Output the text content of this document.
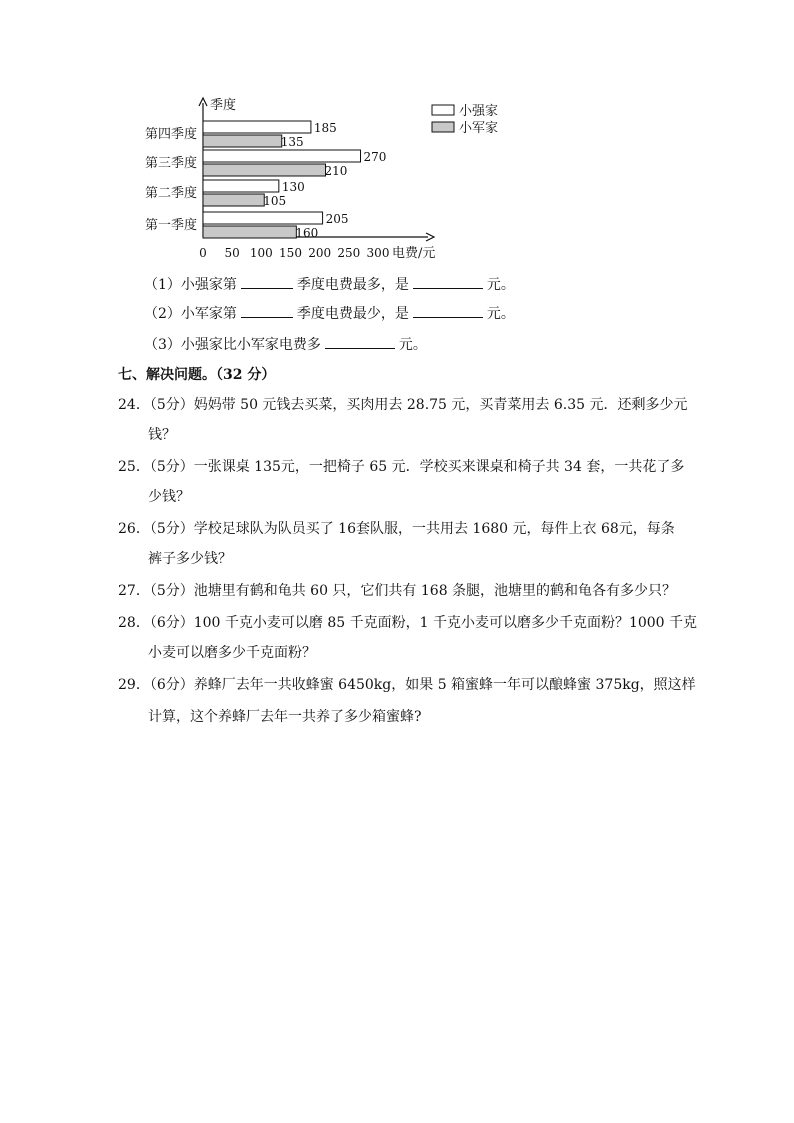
季度
电费/元
0 50 100 150 200 250 300
第一季度	205
160
第二季度	130
105
第三季度	270
210
第四季度	185
135
小强家
小军家
（1）小强家第	季度电费最多，是	元。
（2）小军家第	季度电费最少，是	元。
（3）小强家比小军家电费多	元。
七、解决问题。（32 分）
24．（5分）妈妈带 50 元钱去买菜，买肉用去 28.75 元，买青菜用去 6.35 元．还剩多少元
钱？
25．（5分）一张课桌 135元，一把椅子 65 元．学校买来课桌和椅子共 34 套，一共花了多
少钱？
26．（5分）学校足球队为队员买了 16套队服，一共用去 1680 元，每件上衣 68元，每条
裤子多少钱？
27．（5分）池塘里有鹤和龟共 60 只，它们共有 168 条腿，池塘里的鹤和龟各有多少只？
28．（6分）100 千克小麦可以磨 85 千克面粉，1 千克小麦可以磨多少千克面粉？1000 千克
小麦可以磨多少千克面粉？
29．（6分）养蜂厂去年一共收蜂蜜 6450kg，如果 5 箱蜜蜂一年可以酿蜂蜜 375kg，照这样
计算，这个养蜂厂去年一共养了多少箱蜜蜂?
